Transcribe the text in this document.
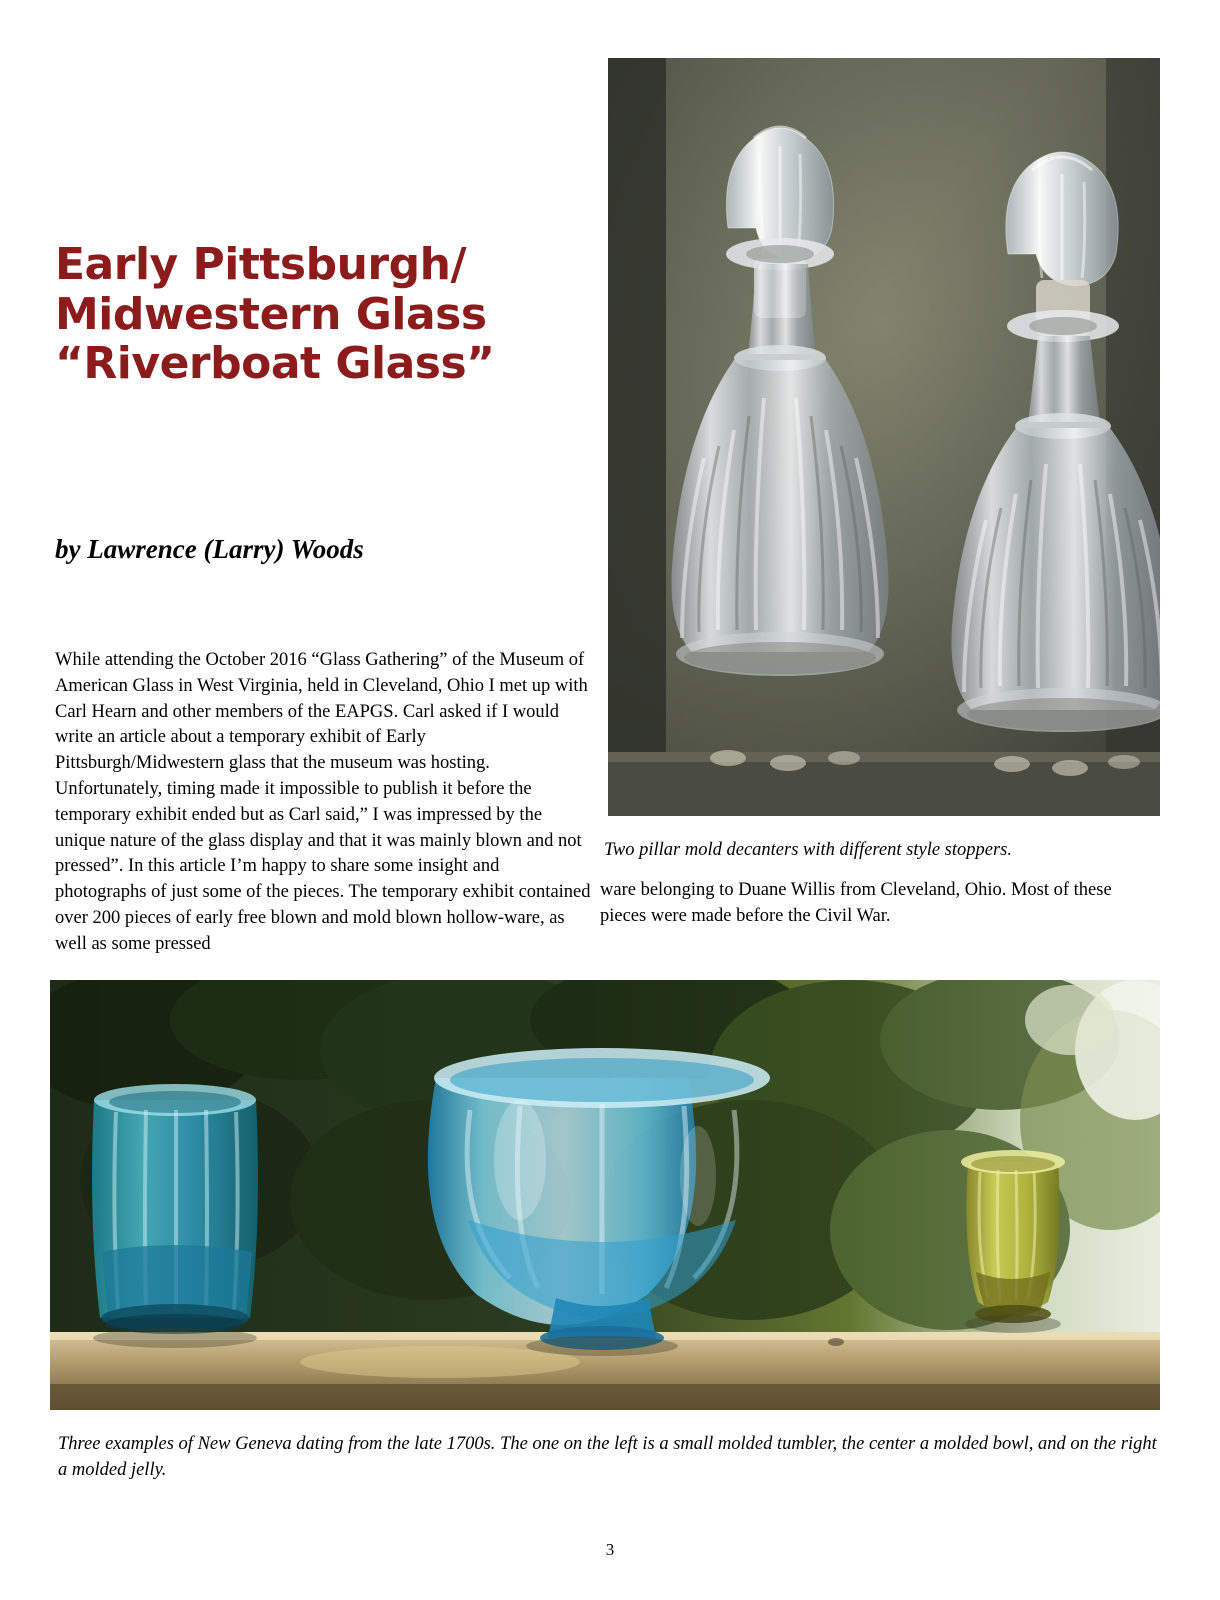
Early Pittsburgh/
Midwestern Glass
“Riverboat Glass”
by Lawrence (Larry) Woods
While attending the October 2016 “Glass Gathering” of the Museum of American Glass in West Virginia, held in Cleveland, Ohio I met up with Carl Hearn and other members of the EAPGS. Carl asked if I would write an article about a temporary exhibit of Early Pittsburgh/Midwestern glass that the museum was hosting. Unfortunately, timing made it impossible to publish it before the temporary exhibit ended but as Carl said,” I was impressed by the unique nature of the glass display and that it was mainly blown and not pressed”. In this article I’m happy to share some insight and photographs of just some of the pieces. The temporary exhibit contained over 200 pieces of early free blown and mold blown hollow-ware, as well as some pressed
ware belonging to Duane Willis from Cleveland, Ohio. Most of these pieces were made before the Civil War.
Two pillar mold decanters with different style stoppers.
Three examples of New Geneva dating from the late 1700s. The one on the left is a small molded tumbler, the center a molded bowl, and on the right a molded jelly.
3
